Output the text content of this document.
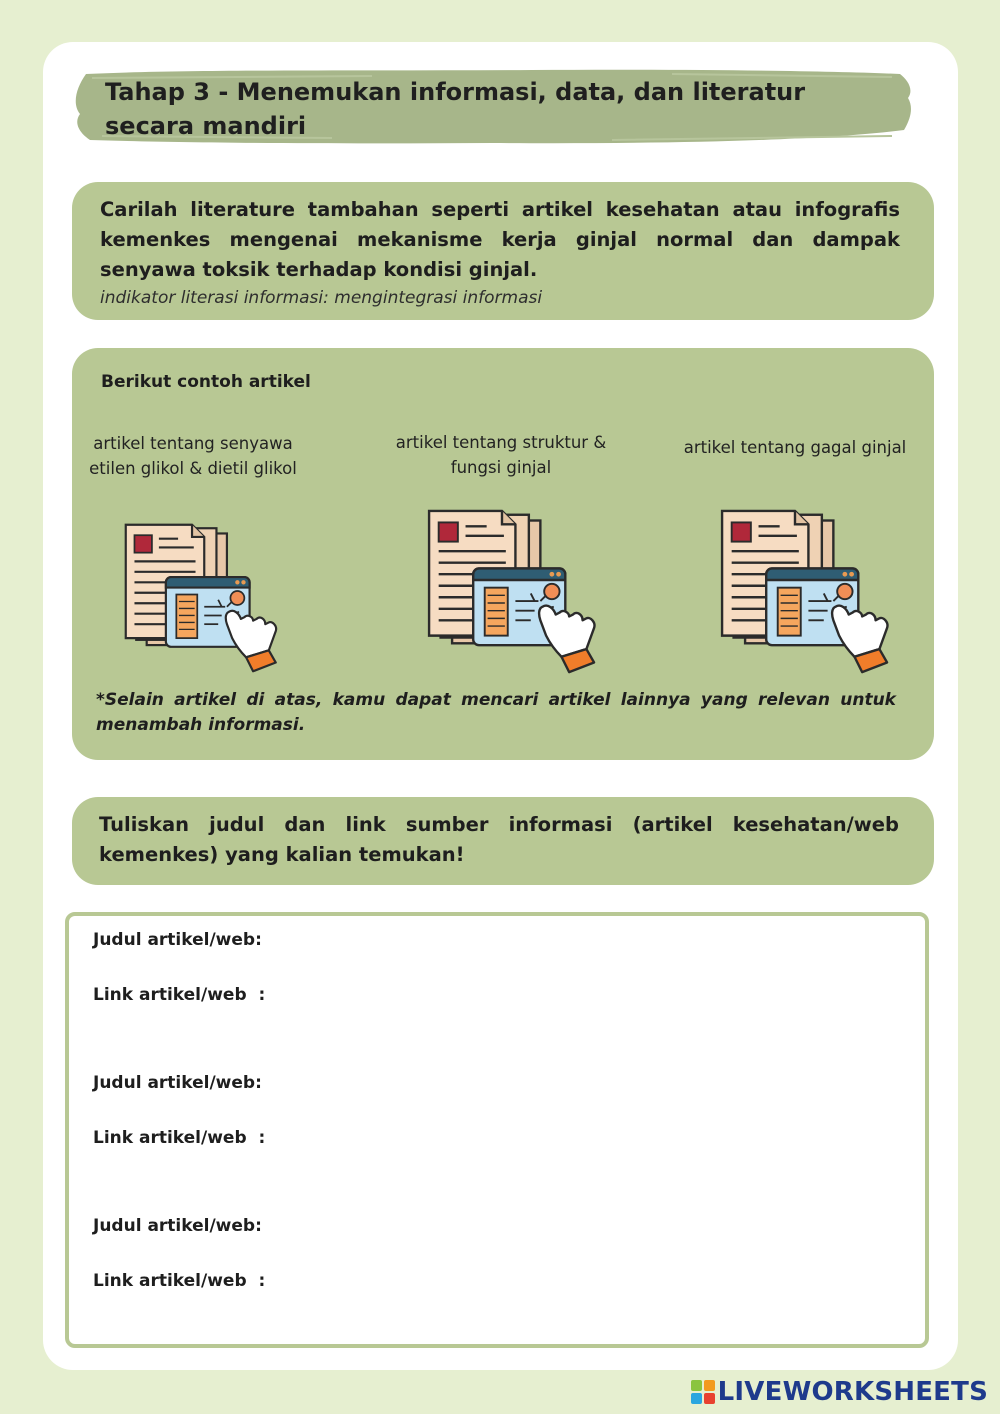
Tahap 3 - Menemukan informasi, data, dan literatur secara mandiri

Carilah literature tambahan seperti artikel kesehatan atau infografis kemenkes mengenai mekanisme kerja ginjal normal dan dampak senyawa toksik terhadap kondisi ginjal.

indikator literasi informasi: mengintegrasi informasi
Berikut contoh artikel
artikel tentang senyawa etilen glikol & dietil glikol
artikel tentang struktur & fungsi ginjal
artikel tentang gagal ginjal

*Selain artikel di atas, kamu dapat mencari artikel lainnya yang relevan untuk menambah informasi.

Tuliskan judul dan link sumber informasi (artikel kesehatan/web kemenkes) yang kalian temukan!

Judul artikel/web:
Link artikel/web  :
Judul artikel/web:
Link artikel/web  :
Judul artikel/web:
Link artikel/web  :
LIVEWORKSHEETS
